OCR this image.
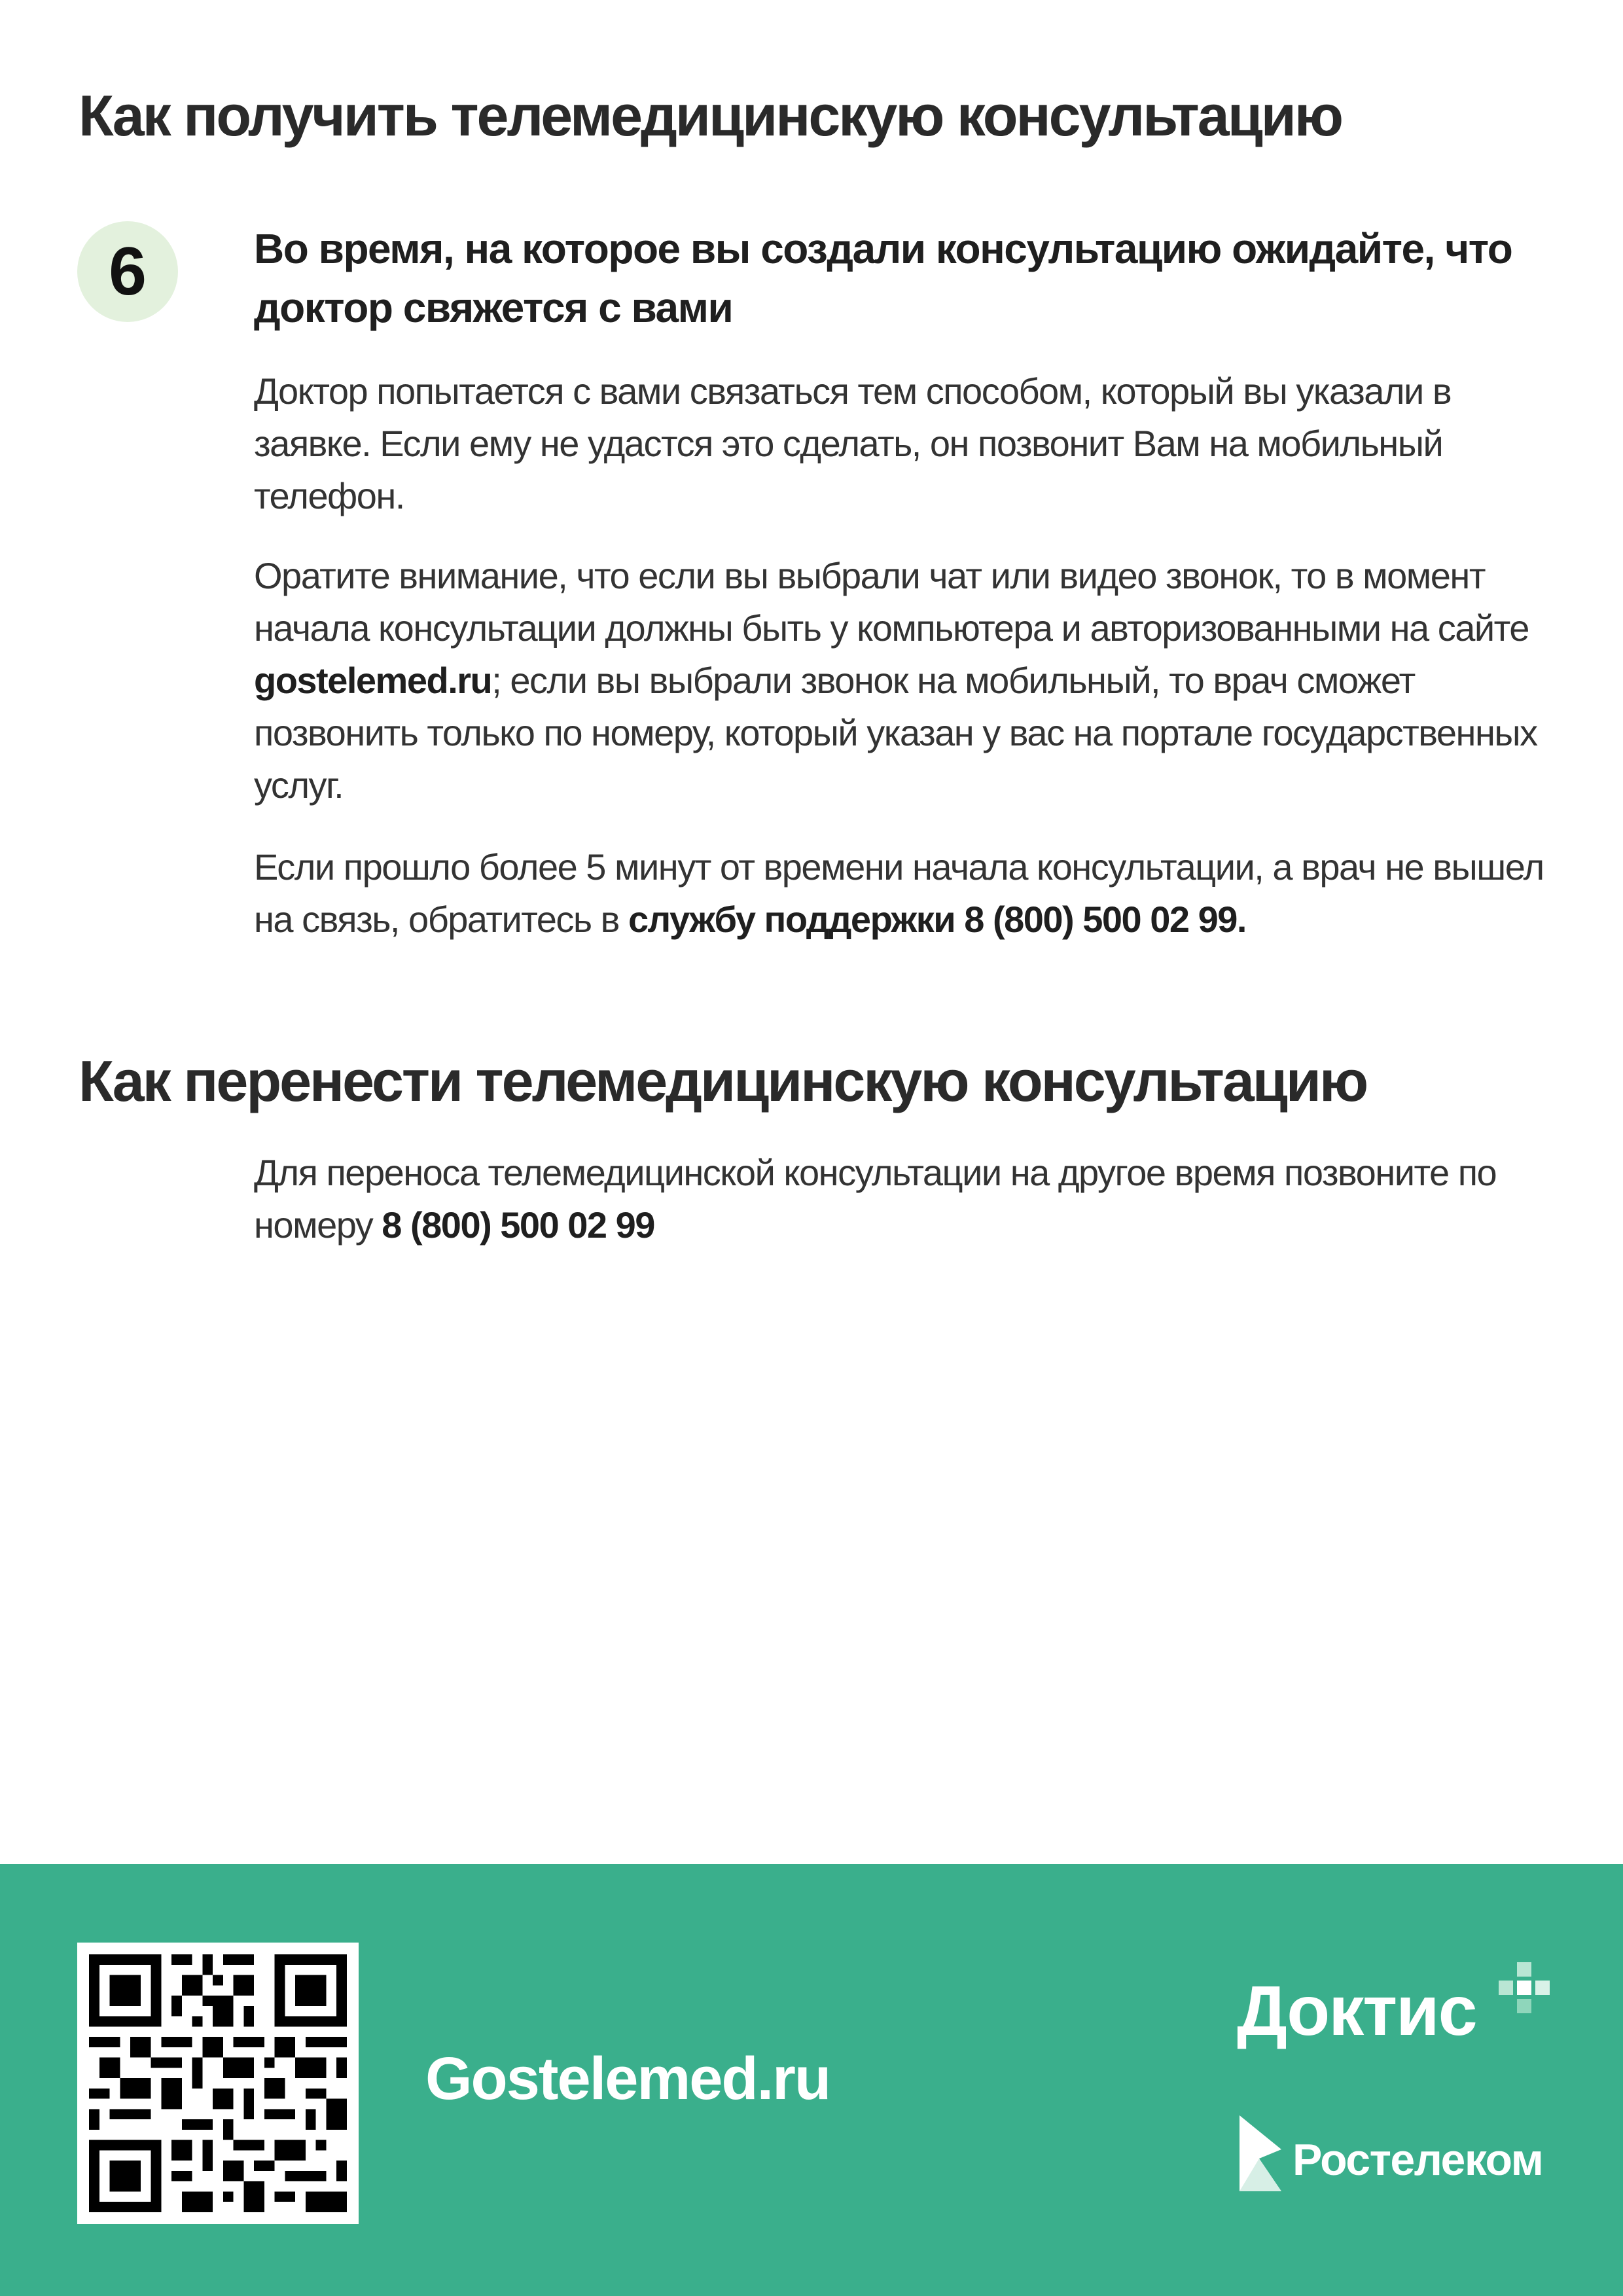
Как получить телемедицинскую консультацию
6	Во время, на которое вы создали консультацию ожидайте, что доктор свяжется с вами

Доктор попытается с вами связаться тем способом, который вы указали в заявке. Если ему не удастся это сделать, он позвонит Вам на мобильный телефон.

Оратите внимание, что если вы выбрали чат или видео звонок, то в момент начала консультации должны быть у компьютера и авторизованными на сайте gostelemed.ru; если вы выбрали звонок на мобильный, то врач сможет позвонить только по номеру, который указан у вас на портале государственных услуг.

Если прошло более 5 минут от времени начала консультации, а врач не вышел на связь, обратитесь в службу поддержки 8 (800) 500 02 99.

Как перенести телемедицинскую консультацию

Для переноса телемедицинской консультации на другое время позвоните по номеру 8 (800) 500 02 99

Gostelemed.ru

Доктис

Ростелеком
